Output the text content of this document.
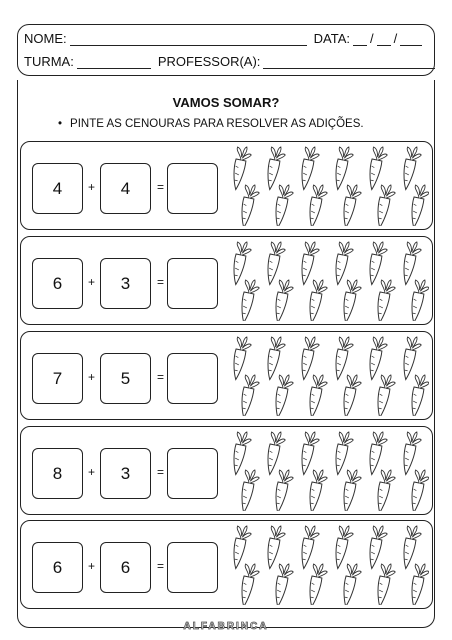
NOME:	DATA: / /
TURMA:	PROFESSOR(A):
VAMOS SOMAR?
• PINTE AS CENOURAS PARA RESOLVER AS ADIÇÕES.
4	+	4	=
6	+	3	=
7	+	5	=
8	+	3	=
6	+	6	=
ALFABRINCA
